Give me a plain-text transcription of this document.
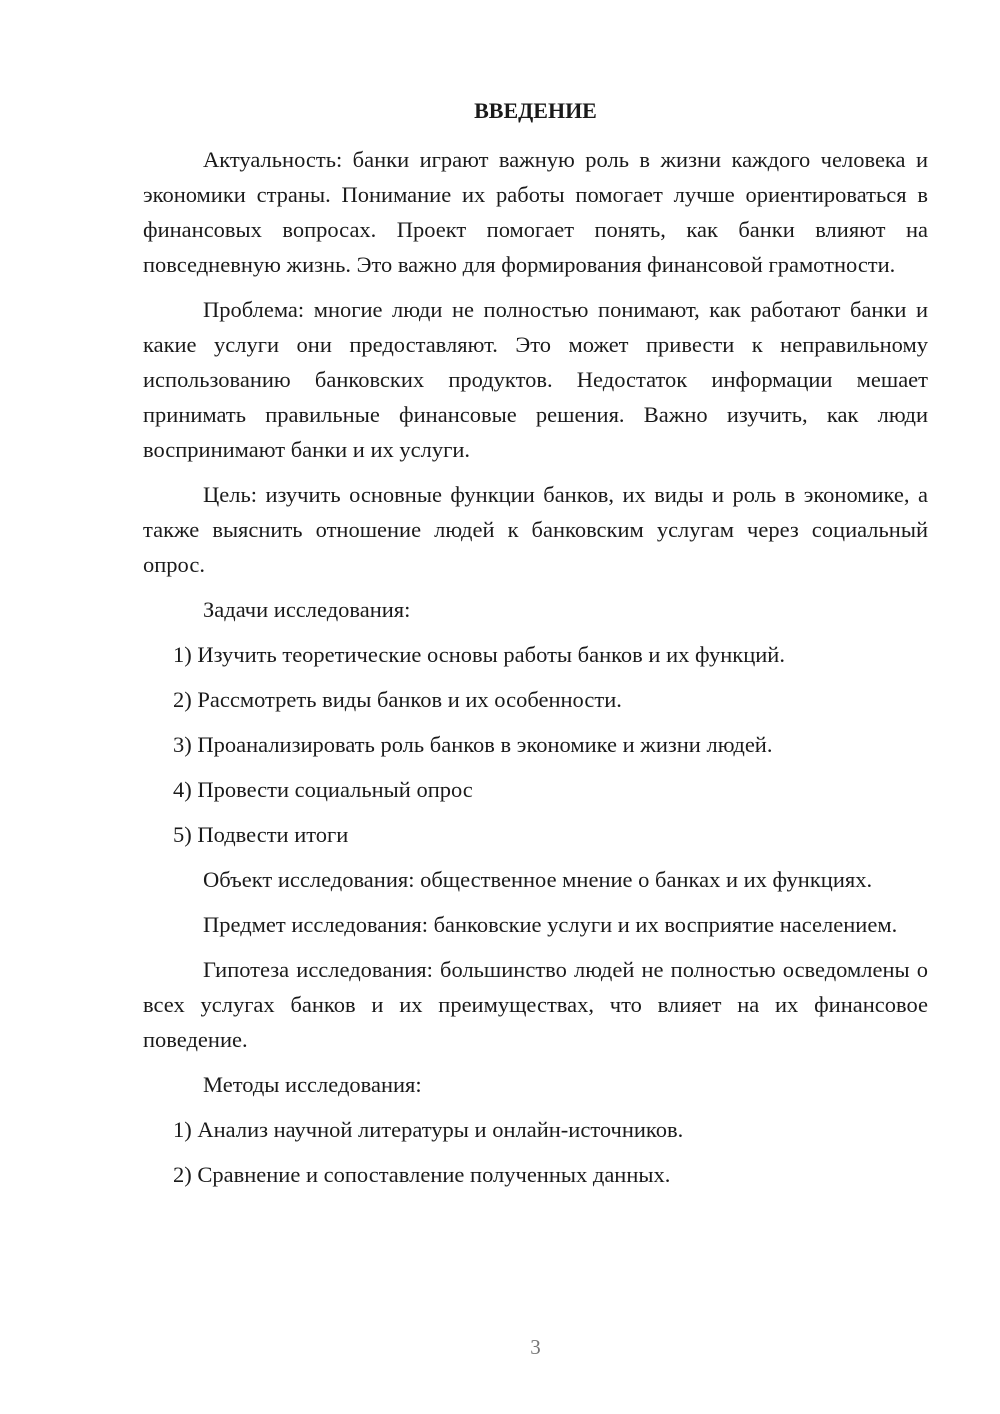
ВВЕДЕНИЕ

Актуальность: банки играют важную роль в жизни каждого человека и экономики страны. Понимание их работы помогает лучше ориентироваться в финансовых вопросах. Проект помогает понять, как банки влияют на повседневную жизнь. Это важно для формирования финансовой грамотности.

Проблема: многие люди не полностью понимают, как работают банки и какие услуги они предоставляют. Это может привести к неправильному использованию банковских продуктов. Недостаток информации мешает принимать правильные финансовые решения. Важно изучить, как люди воспринимают банки и их услуги.

Цель: изучить основные функции банков, их виды и роль в экономике, а также выяснить отношение людей к банковским услугам через социальный опрос.

Задачи исследования:

1) Изучить теоретические основы работы банков и их функций.
2) Рассмотреть виды банков и их особенности.
3) Проанализировать роль банков в экономике и жизни людей.
4) Провести социальный опрос
5) Подвести итоги

Объект исследования: общественное мнение о банках и их функциях.

Предмет исследования: банковские услуги и их восприятие населением.

Гипотеза исследования: большинство людей не полностью осведомлены о всех услугах банков и их преимуществах, что влияет на их финансовое поведение.

Методы исследования:

1) Анализ научной литературы и онлайн-источников.
2) Сравнение и сопоставление полученных данных.
3
